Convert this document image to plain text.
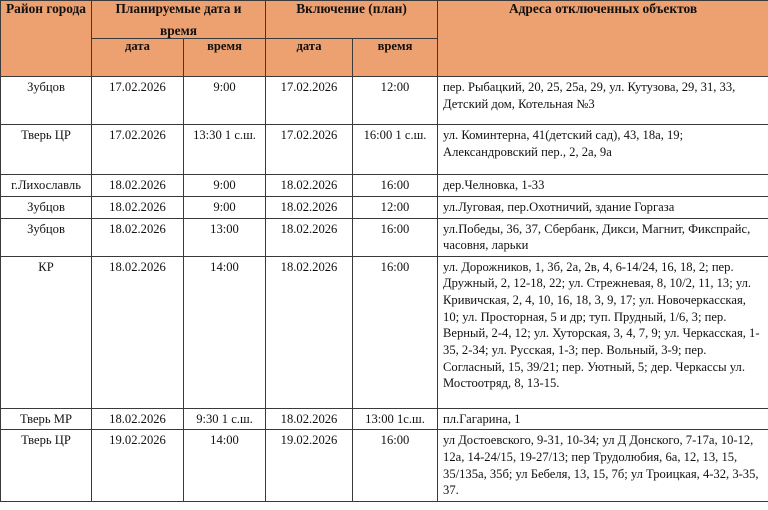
Район города	Планируемые дата и
время		Включение (план)		Адреса отключенных объектов
	дата	время	дата	время	
Зубцов	17.02.2026	9:00	17.02.2026	12:00	пер. Рыбацкий, 20, 25, 25а, 29, ул. Кутузова, 29, 31, 33, Детский дом, Котельная №3
Тверь ЦР	17.02.2026	13:30 1 с.ш.	17.02.2026	16:00 1 с.ш.	ул. Коминтерна, 41(детский сад), 43, 18а, 19; Александровский пер., 2, 2а, 9а
г.Лихославль	18.02.2026	9:00	18.02.2026	16:00	дер.Челновка, 1-33
Зубцов	18.02.2026	9:00	18.02.2026	12:00	ул.Луговая, пер.Охотничий, здание Горгаза
Зубцов	18.02.2026	13:00	18.02.2026	16:00	ул.Победы, 36, 37, Сбербанк, Дикси, Магнит, Фикспрайс, часовня, ларьки
КР	18.02.2026	14:00	18.02.2026	16:00	ул. Дорожников, 1, 3б, 2а, 2в, 4, 6-14/24, 16, 18, 2; пер. Дружный, 2, 12-18, 22; ул. Стрежневая, 8, 10/2, 11, 13; ул. Кривичская, 2, 4, 10, 16, 18, 3, 9, 17; ул. Новочеркасская, 10; ул. Просторная, 5 и др; туп. Прудный, 1/6, 3; пер. Верный, 2-4, 12; ул. Хуторская, 3, 4, 7, 9; ул. Черкасская, 1- 35, 2-34; ул. Русская, 1-3; пер. Вольный, 3-9; пер. Согласный, 15, 39/21; пер. Уютный, 5; дер. Черкассы ул. Мостоотряд, 8, 13-15.
Тверь МР	18.02.2026	9:30 1 с.ш.	18.02.2026	13:00 1с.ш.	пл.Гагарина, 1
Тверь ЦР	19.02.2026	14:00	19.02.2026	16:00	ул Достоевского, 9-31, 10-34; ул Д Донского, 7-17а, 10-12, 12а, 14-24/15, 19-27/13; пер Трудолюбия, 6а, 12, 13, 15, 35/135а, 35б; ул Бебеля, 13, 15, 7б; ул Троицкая, 4-32, 3-35, 37.
